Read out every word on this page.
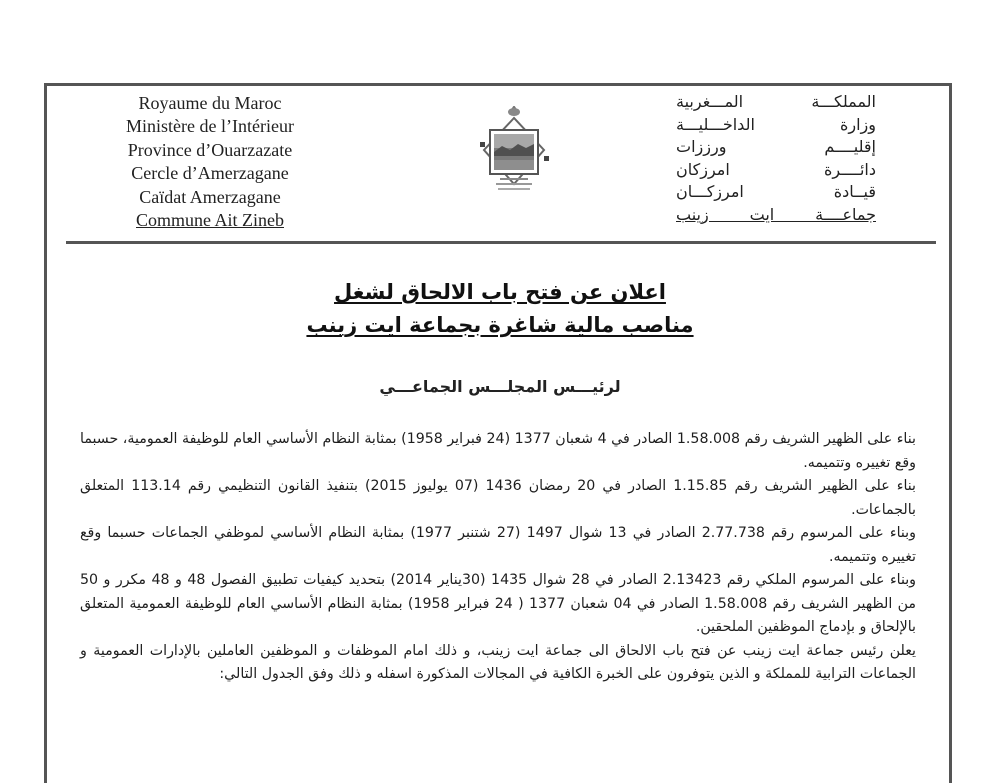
Royaume du Maroc
Ministère de l’Intérieur
Province d’Ouarzazate
Cercle d’Amerzagane
Caïdat Amerzagane
Commune Ait Zineb
المملكـــة المـــغربية
وزارة الداخـــليـــة
إقليــــم ورززات
دائــــرة امرزكان
قيــادة امرزكـــان
جماعــــة ايت زينب
اعلان عن فتح باب الالحاق لشغل
مناصب مالية شاغرة بجماعة ايت زينب
لرئيـــس المجلـــس الجماعـــي

بناء على الظهير الشريف رقم 1.58.008 الصادر في 4 شعبان 1377 (24 فبراير 1958) بمثابة النظام الأساسي العام للوظيفة العمومية، حسبما وقع تغييره وتتميمه.

بناء على الظهير الشريف رقم 1.15.85 الصادر في 20 رمضان 1436 (07 يوليوز 2015) بتنفيذ القانون التنظيمي رقم 113.14 المتعلق بالجماعات.

وبناء على المرسوم رقم 2.77.738 الصادر في 13 شوال 1497 (27 شتنبر 1977) بمثابة النظام الأساسي لموظفي الجماعات حسبما وقع تغييره وتتميمه.

وبناء على المرسوم الملكي رقم 2.13423 الصادر في 28 شوال 1435 (30يناير 2014) بتحديد كيفيات تطبيق الفصول 48 و 48 مكرر و 50 من الظهير الشريف رقم 1.58.008 الصادر في 04 شعبان 1377 ( 24 فبراير 1958) بمثابة النظام الأساسي العام للوظيفة العمومية المتعلق بالإلحاق و بإدماج الموظفين الملحقين.

يعلن رئيس جماعة ايت زينب عن فتح باب الالحاق الى جماعة ايت زينب، و ذلك امام الموظفات و الموظفين العاملين بالإدارات العمومية و الجماعات الترابية للمملكة و الذين يتوفرون على الخبرة الكافية في المجالات المذكورة اسفله و ذلك وفق الجدول التالي:
